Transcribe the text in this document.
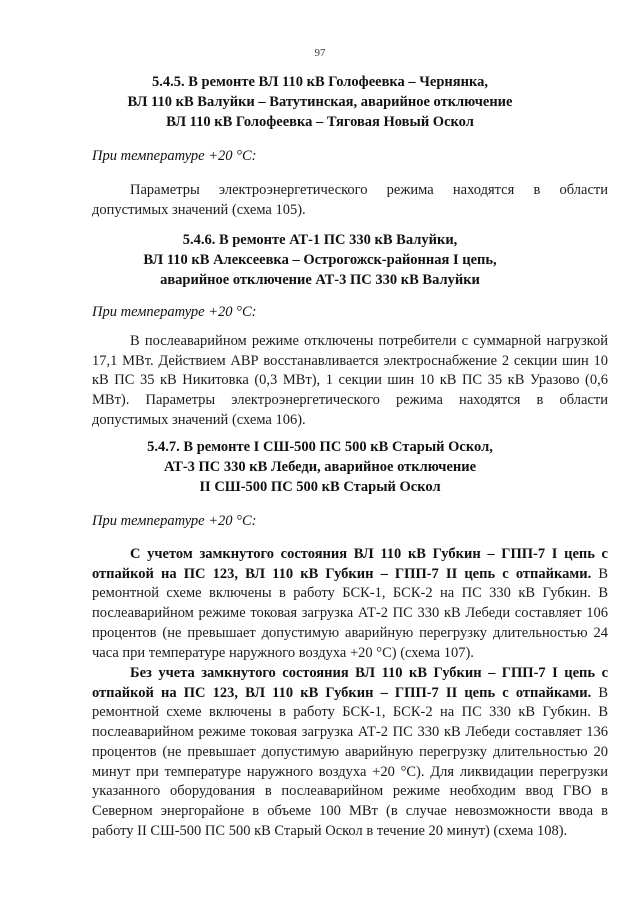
97
5.4.5. В ремонте ВЛ 110 кВ Голофеевка – Чернянка,
ВЛ 110 кВ Валуйки – Ватутинская, аварийное отключение
ВЛ 110 кВ Голофеевка – Тяговая Новый Оскол
При температуре +20 °С:
Параметры электроэнергетического режима находятся в области допустимых значений (схема 105).
5.4.6. В ремонте АТ-1 ПС 330 кВ Валуйки,
ВЛ 110 кВ Алексеевка – Острогожск-районная I цепь,
аварийное отключение АТ-3 ПС 330 кВ Валуйки
При температуре +20 °С:
В послеаварийном режиме отключены потребители с суммарной нагрузкой 17,1 МВт. Действием АВР восстанавливается электроснабжение 2 секции шин 10 кВ ПС 35 кВ Никитовка (0,3 МВт), 1 секции шин 10 кВ ПС 35 кВ Уразово (0,6 МВт). Параметры электроэнергетического режима находятся в области допустимых значений (схема 106).
5.4.7. В ремонте I СШ-500 ПС 500 кВ Старый Оскол,
АТ-3 ПС 330 кВ Лебеди, аварийное отключение
II СШ-500 ПС 500 кВ Старый Оскол
При температуре +20 °С:
С учетом замкнутого состояния ВЛ 110 кВ Губкин – ГПП-7 I цепь с отпайкой на ПС 123, ВЛ 110 кВ Губкин – ГПП-7 II цепь с отпайками. В ремонтной схеме включены в работу БСК-1, БСК-2 на ПС 330 кВ Губкин. В послеаварийном режиме токовая загрузка АТ-2 ПС 330 кВ Лебеди составляет 106 процентов (не превышает допустимую аварийную перегрузку длительностью 24 часа при температуре наружного воздуха +20 °С) (схема 107).
Без учета замкнутого состояния ВЛ 110 кВ Губкин – ГПП-7 I цепь с отпайкой на ПС 123, ВЛ 110 кВ Губкин – ГПП-7 II цепь с отпайками. В ремонтной схеме включены в работу БСК-1, БСК-2 на ПС 330 кВ Губкин. В послеаварийном режиме токовая загрузка АТ-2 ПС 330 кВ Лебеди составляет 136 процентов (не превышает допустимую аварийную перегрузку длительностью 20 минут при температуре наружного воздуха +20 °С). Для ликвидации перегрузки указанного оборудования в послеаварийном режиме необходим ввод ГВО в Северном энергорайоне в объеме 100 МВт (в случае невозможности ввода в работу II СШ-500 ПС 500 кВ Старый Оскол в течение 20 минут) (схема 108).
